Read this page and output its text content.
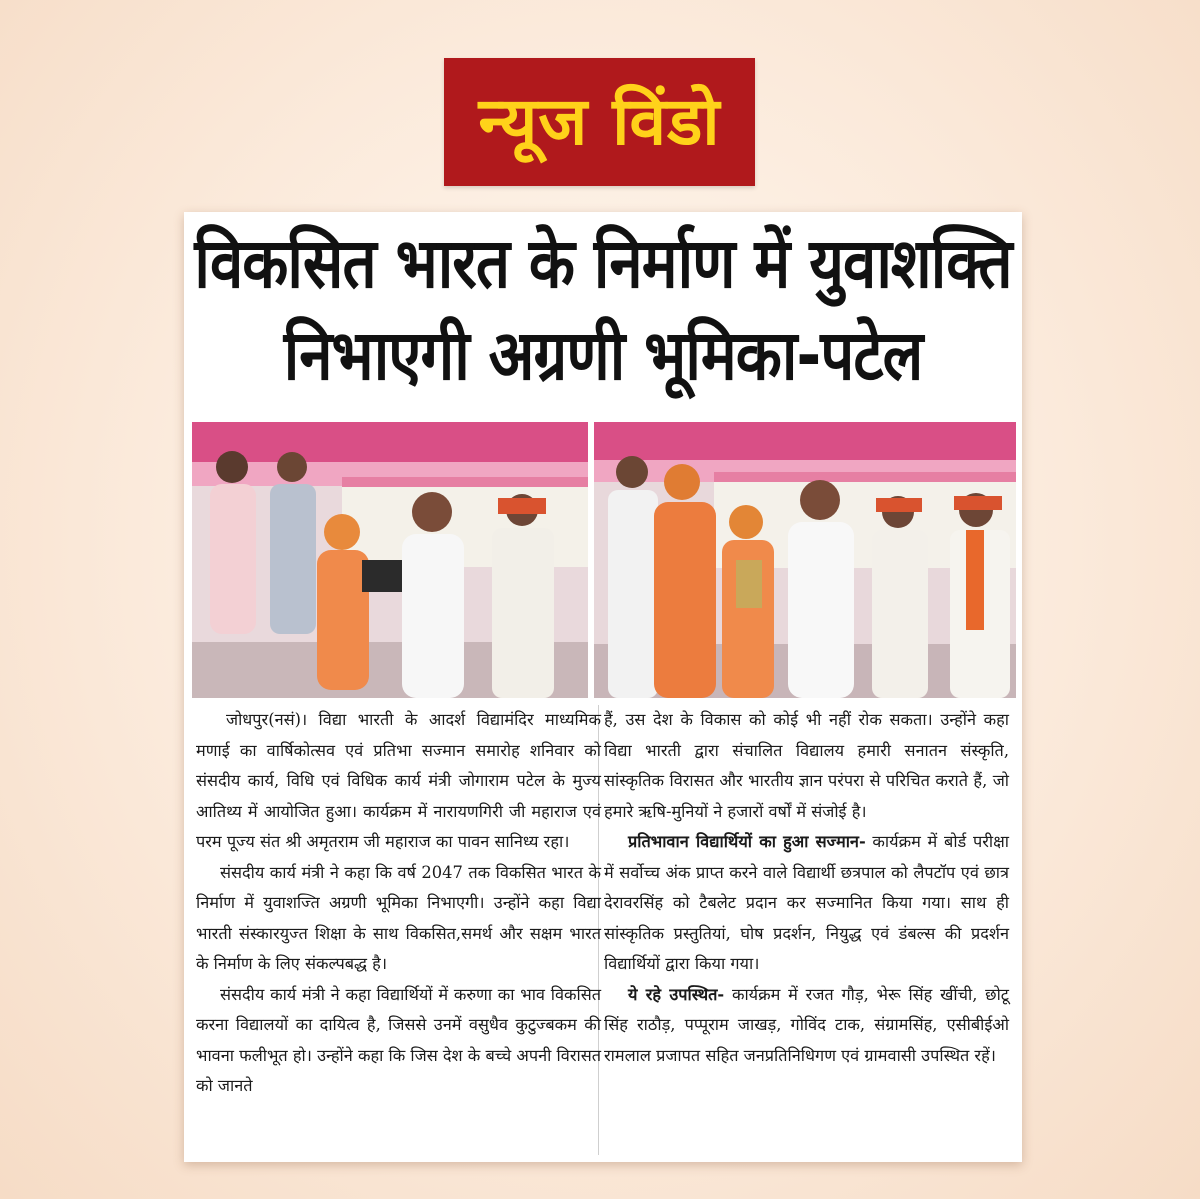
न्यूज विंडो
विकसित भारत के निर्माण में युवाशक्ति
निभाएगी अग्रणी भूमिका-पटेल

जोधपुर(नसं)। विद्या भारती के आदर्श विद्यामंदिर माध्यमिक मणाई का वार्षिकोत्सव एवं प्रतिभा सज्मान समारोह शनिवार को संसदीय कार्य, विधि एवं विधिक कार्य मंत्री जोगाराम पटेल के मुज्य आतिथ्य में आयोजित हुआ। कार्यक्रम में नारायणगिरी जी महाराज एवं परम पूज्य संत श्री अमृतराम जी महाराज का पावन सानिध्य रहा।

संसदीय कार्य मंत्री ने कहा कि वर्ष 2047 तक विकसित भारत के निर्माण में युवाशज्ति अग्रणी भूमिका निभाएगी। उन्होंने कहा विद्या भारती संस्कारयुज्त शिक्षा के साथ विकसित,समर्थ और सक्षम भारत के निर्माण के लिए संकल्पबद्ध है।

संसदीय कार्य मंत्री ने कहा विद्यार्थियों में करुणा का भाव विकसित करना विद्यालयों का दायित्व है, जिससे उनमें वसुधैव कुटुज्बकम की भावना फलीभूत हो। उन्होंने कहा कि जिस देश के बच्चे अपनी विरासत को जानते

हैं, उस देश के विकास को कोई भी नहीं रोक सकता। उन्होंने कहा विद्या भारती द्वारा संचालित विद्यालय हमारी सनातन संस्कृति, सांस्कृतिक विरासत और भारतीय ज्ञान परंपरा से परिचित कराते हैं, जो हमारे ऋषि-मुनियों ने हजारों वर्षों में संजोई है।

प्रतिभावान विद्यार्थियों का हुआ सज्मान- कार्यक्रम में बोर्ड परीक्षा में सर्वोच्च अंक प्राप्त करने वाले विद्यार्थी छत्रपाल को लैपटॉप एवं छात्र देरावरसिंह को टैबलेट प्रदान कर सज्मानित किया गया। साथ ही सांस्कृतिक प्रस्तुतियां, घोष प्रदर्शन, नियुद्ध एवं डंबल्स की प्रदर्शन विद्यार्थियों द्वारा किया गया।

ये रहे उपस्थित- कार्यक्रम में रजत गौड़, भेरू सिंह खींची, छोटू सिंह राठौड़, पप्पूराम जाखड़, गोविंद टाक, संग्रामसिंह, एसीबीईओ रामलाल प्रजापत सहित जनप्रतिनिधिगण एवं ग्रामवासी उपस्थित रहें।
